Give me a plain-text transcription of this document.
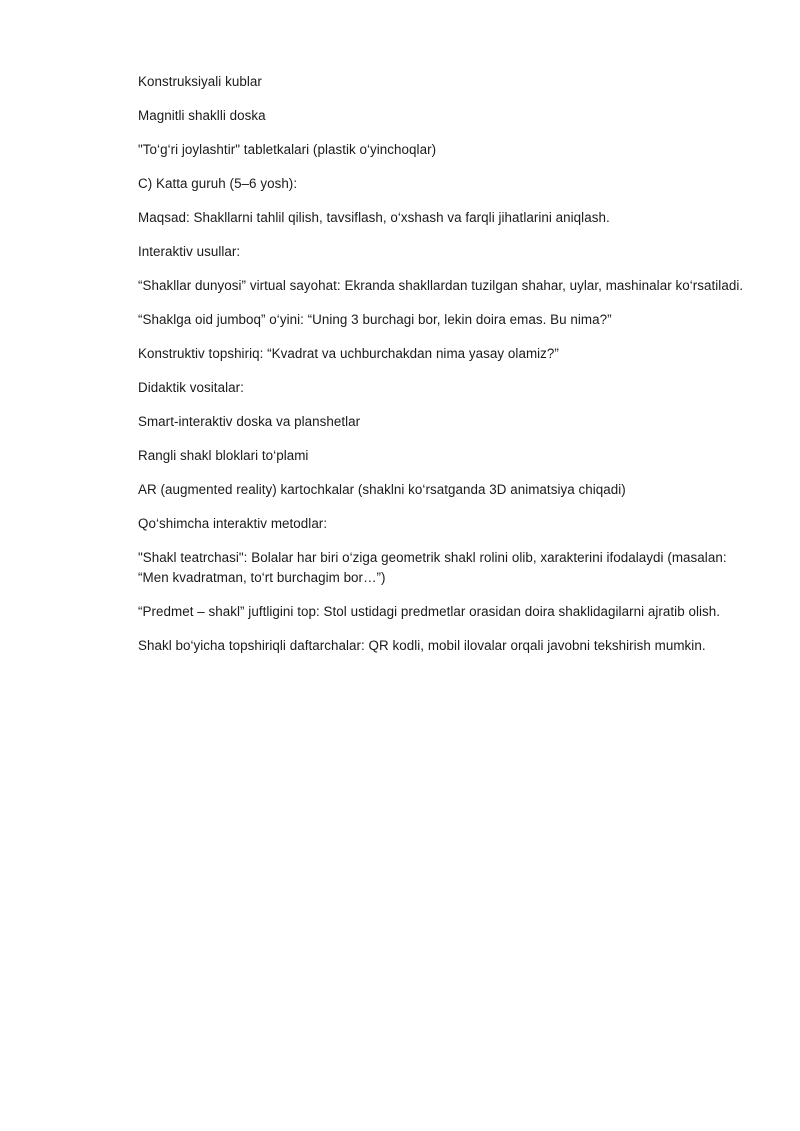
Konstruksiyali kublar

Magnitli shaklli doska

"To‘g‘ri joylashtir" tabletkalari (plastik o‘yinchoqlar)

C) Katta guruh (5–6 yosh):

Maqsad: Shakllarni tahlil qilish, tavsiflash, o‘xshash va farqli jihatlarini aniqlash.

Interaktiv usullar:

“Shakllar dunyosi” virtual sayohat: Ekranda shakllardan tuzilgan shahar, uylar, mashinalar ko‘rsatiladi.

“Shaklga oid jumboq” o‘yini: “Uning 3 burchagi bor, lekin doira emas. Bu nima?”

Konstruktiv topshiriq: “Kvadrat va uchburchakdan nima yasay olamiz?”

Didaktik vositalar:

Smart-interaktiv doska va planshetlar

Rangli shakl bloklari to‘plami

AR (augmented reality) kartochkalar (shaklni ko‘rsatganda 3D animatsiya chiqadi)

Qo‘shimcha interaktiv metodlar:

"Shakl teatrchasi": Bolalar har biri o‘ziga geometrik shakl rolini olib, xarakterini ifodalaydi (masalan: “Men kvadratman, to‘rt burchagim bor…”)

“Predmet – shakl” juftligini top: Stol ustidagi predmetlar orasidan doira shaklidagilarni ajratib olish.

Shakl bo‘yicha topshiriqli daftarchalar: QR kodli, mobil ilovalar orqali javobni tekshirish mumkin.
